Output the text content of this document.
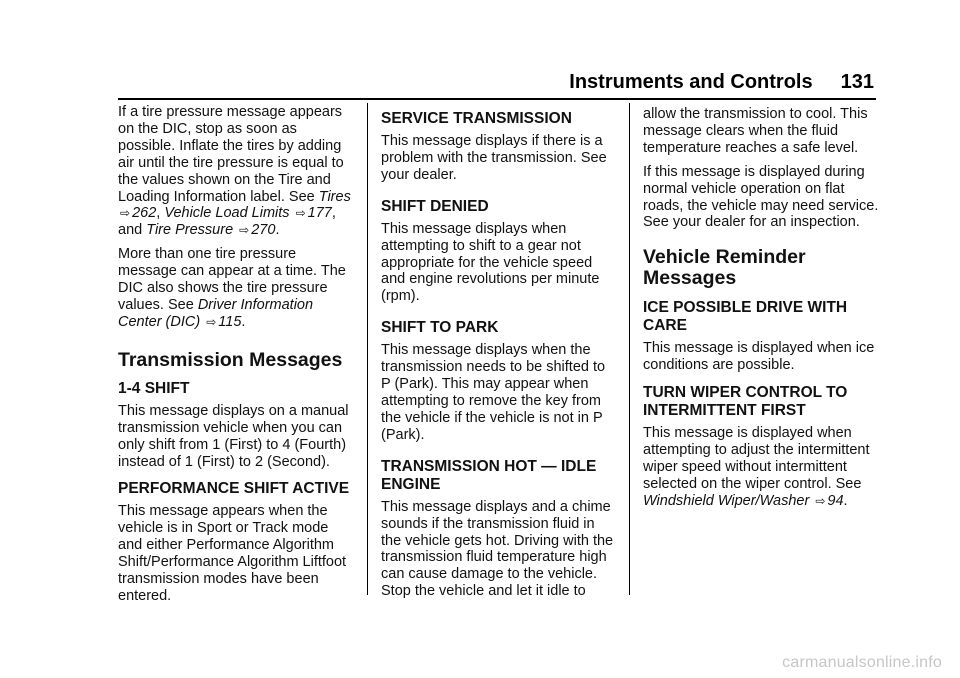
Instruments and Controls 131

If a tire pressure message appears on the DIC, stop as soon as possible. Inflate the tires by adding air until the tire pressure is equal to the values shown on the Tire and Loading Information label. See Tires ⇨ 262, Vehicle Load Limits ⇨ 177, and Tire Pressure ⇨ 270.

More than one tire pressure message can appear at a time. The DIC also shows the tire pressure values. See Driver Information Center (DIC) ⇨ 115.

Transmission Messages
1-4 SHIFT

This message displays on a manual transmission vehicle when you can only shift from 1 (First) to 4 (Fourth) instead of 1 (First) to 2 (Second).

PERFORMANCE SHIFT ACTIVE

This message appears when the vehicle is in Sport or Track mode and either Performance Algorithm Shift/Performance Algorithm Liftfoot transmission modes have been entered.

SERVICE TRANSMISSION

This message displays if there is a problem with the transmission. See your dealer.

SHIFT DENIED

This message displays when attempting to shift to a gear not appropriate for the vehicle speed and engine revolutions per minute (rpm).

SHIFT TO PARK

This message displays when the transmission needs to be shifted to P (Park). This may appear when attempting to remove the key from the vehicle if the vehicle is not in P (Park).

TRANSMISSION HOT — IDLE ENGINE

This message displays and a chime sounds if the transmission fluid in the vehicle gets hot. Driving with the transmission fluid temperature high can cause damage to the vehicle. Stop the vehicle and let it idle to

allow the transmission to cool. This message clears when the fluid temperature reaches a safe level.

If this message is displayed during normal vehicle operation on flat roads, the vehicle may need service. See your dealer for an inspection.

Vehicle Reminder Messages
ICE POSSIBLE DRIVE WITH CARE

This message is displayed when ice conditions are possible.

TURN WIPER CONTROL TO INTERMITTENT FIRST

This message is displayed when attempting to adjust the intermittent wiper speed without intermittent selected on the wiper control. See Windshield Wiper/Washer ⇨ 94.

carmanualsonline.info
